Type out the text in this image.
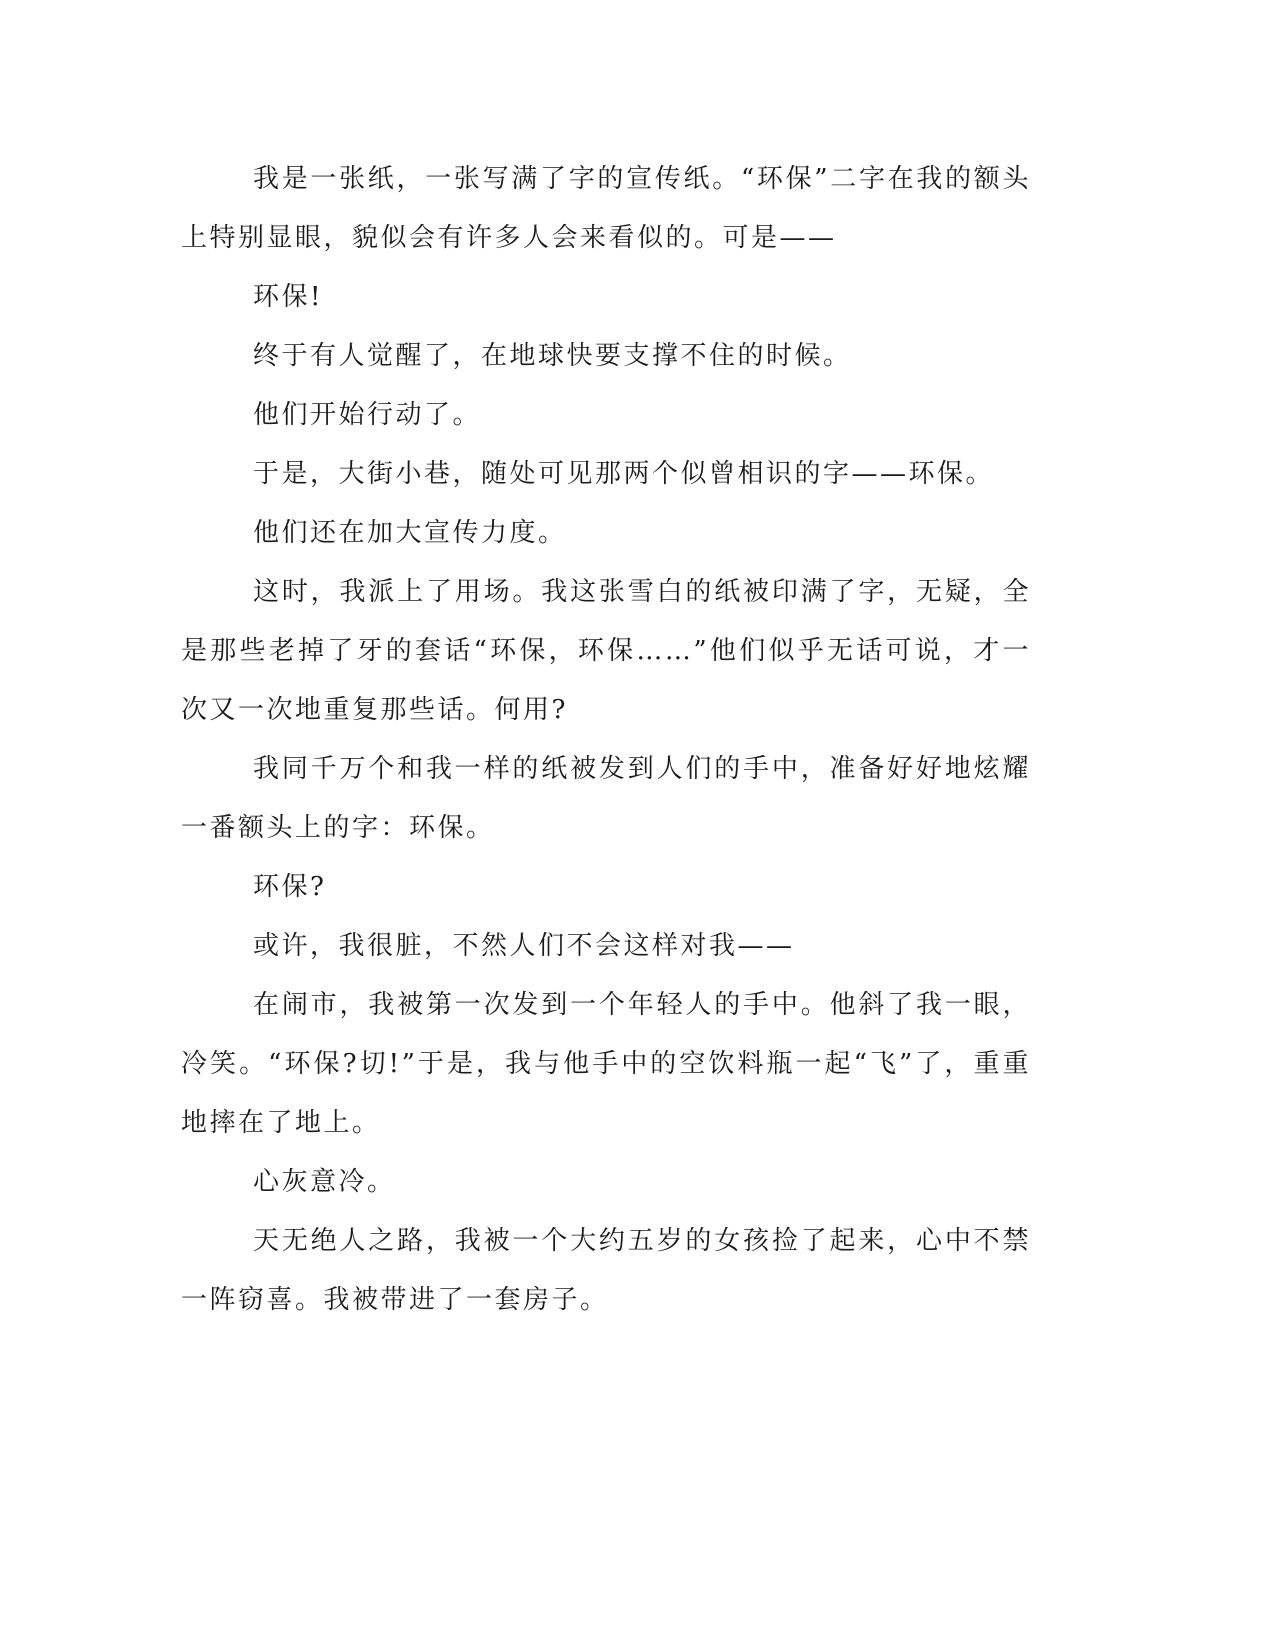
我是一张纸，一张写满了字的宣传纸。“环保”二字在我的额头上特别显眼，貌似会有许多人会来看似的。可是——

环保!

终于有人觉醒了，在地球快要支撑不住的时候。

他们开始行动了。

于是，大街小巷，随处可见那两个似曾相识的字——环保。

他们还在加大宣传力度。

这时，我派上了用场。我这张雪白的纸被印满了字，无疑，全是那些老掉了牙的套话“环保，环保……”他们似乎无话可说，才一次又一次地重复那些话。何用?

我同千万个和我一样的纸被发到人们的手中，准备好好地炫耀一番额头上的字：环保。

环保?

或许，我很脏，不然人们不会这样对我——

在闹市，我被第一次发到一个年轻人的手中。他斜了我一眼，冷笑。“环保?切!”于是，我与他手中的空饮料瓶一起“飞”了，重重地摔在了地上。

心灰意冷。

天无绝人之路，我被一个大约五岁的女孩捡了起来，心中不禁一阵窃喜。我被带进了一套房子。
